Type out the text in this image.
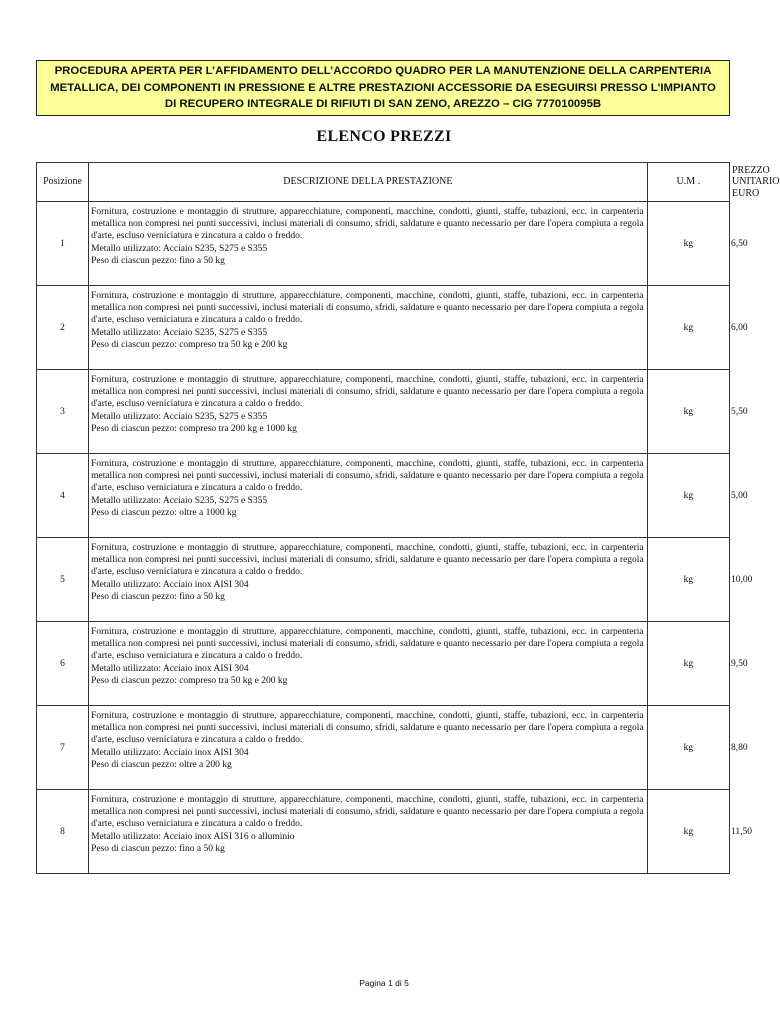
PROCEDURA APERTA PER L’AFFIDAMENTO DELL’ACCORDO QUADRO PER LA MANUTENZIONE DELLA CARPENTERIA METALLICA, DEI COMPONENTI IN PRESSIONE E ALTRE PRESTAZIONI ACCESSORIE DA ESEGUIRSI PRESSO L'IMPIANTO DI RECUPERO INTEGRALE DI RIFIUTI DI SAN ZENO, AREZZO – CIG 777010095B
ELENCO PREZZI
Posizione	DESCRIZIONE DELLA PRESTAZIONE	U.M .	PREZZO
UNITARIO
EURO

1	Fornitura, costruzione e montaggio di strutture, apparecchiature, componenti, macchine, condotti, giunti, staffe, tubazioni, ecc. in carpenteria metallica non compresi nei punti successivi, inclusi materiali di consumo, sfridi, saldature e quanto necessario per dare l'opera compiuta a regola d'arte, escluso verniciatura e zincatura a caldo o freddo.
Metallo utilizzato: Acciaio S235, S275 e S355
Peso di ciascun pezzo: fino a 50 kg	kg	6,50
2	Fornitura, costruzione e montaggio di strutture, apparecchiature, componenti, macchine, condotti, giunti, staffe, tubazioni, ecc. in carpenteria metallica non compresi nei punti successivi, inclusi materiali di consumo, sfridi, saldature e quanto necessario per dare l'opera compiuta a regola d'arte, escluso verniciatura e zincatura a caldo o freddo.
Metallo utilizzato: Acciaio S235, S275 e S355
Peso di ciascun pezzo: compreso tra 50 kg e 200 kg	kg	6,00
3	Fornitura, costruzione e montaggio di strutture, apparecchiature, componenti, macchine, condotti, giunti, staffe, tubazioni, ecc. in carpenteria metallica non compresi nei punti successivi, inclusi materiali di consumo, sfridi, saldature e quanto necessario per dare l'opera compiuta a regola d'arte, escluso verniciatura e zincatura a caldo o freddo.
Metallo utilizzato: Acciaio S235, S275 e S355
Peso di ciascun pezzo: compreso tra 200 kg e 1000 kg	kg	5,50
4	Fornitura, costruzione e montaggio di strutture, apparecchiature, componenti, macchine, condotti, giunti, staffe, tubazioni, ecc. in carpenteria metallica non compresi nei punti successivi, inclusi materiali di consumo, sfridi, saldature e quanto necessario per dare l'opera compiuta a regola d'arte, escluso verniciatura e zincatura a caldo o freddo.
Metallo utilizzato: Acciaio S235, S275 e S355
Peso di ciascun pezzo: oltre a 1000 kg	kg	5,00
5	Fornitura, costruzione e montaggio di strutture, apparecchiature, componenti, macchine, condotti, giunti, staffe, tubazioni, ecc. in carpenteria metallica non compresi nei punti successivi, inclusi materiali di consumo, sfridi, saldature e quanto necessario per dare l'opera compiuta a regola d'arte, escluso verniciatura e zincatura a caldo o freddo.
Metallo utilizzato: Acciaio inox AISI 304
Peso di ciascun pezzo: fino a 50 kg	kg	10,00
6	Fornitura, costruzione e montaggio di strutture, apparecchiature, componenti, macchine, condotti, giunti, staffe, tubazioni, ecc. in carpenteria metallica non compresi nei punti successivi, inclusi materiali di consumo, sfridi, saldature e quanto necessario per dare l'opera compiuta a regola d'arte, escluso verniciatura e zincatura a caldo o freddo.
Metallo utilizzato: Acciaio inox AISI 304
Peso di ciascun pezzo: compreso tra 50 kg e 200 kg	kg	9,50
7	Fornitura, costruzione e montaggio di strutture, apparecchiature, componenti, macchine, condotti, giunti, staffe, tubazioni, ecc. in carpenteria metallica non compresi nei punti successivi, inclusi materiali di consumo, sfridi, saldature e quanto necessario per dare l'opera compiuta a regola d'arte, escluso verniciatura e zincatura a caldo o freddo.
Metallo utilizzato: Acciaio inox AISI 304
Peso di ciascun pezzo: oltre a 200 kg	kg	8,80
8	Fornitura, costruzione e montaggio di strutture, apparecchiature, componenti, macchine, condotti, giunti, staffe, tubazioni, ecc. in carpenteria metallica non compresi nei punti successivi, inclusi materiali di consumo, sfridi, saldature e quanto necessario per dare l'opera compiuta a regola d'arte, escluso verniciatura e zincatura a caldo o freddo.
Metallo utilizzato: Acciaio inox AISI 316 o alluminio
Peso di ciascun pezzo: fino a 50 kg	kg	11,50
Pagina 1 di 5
